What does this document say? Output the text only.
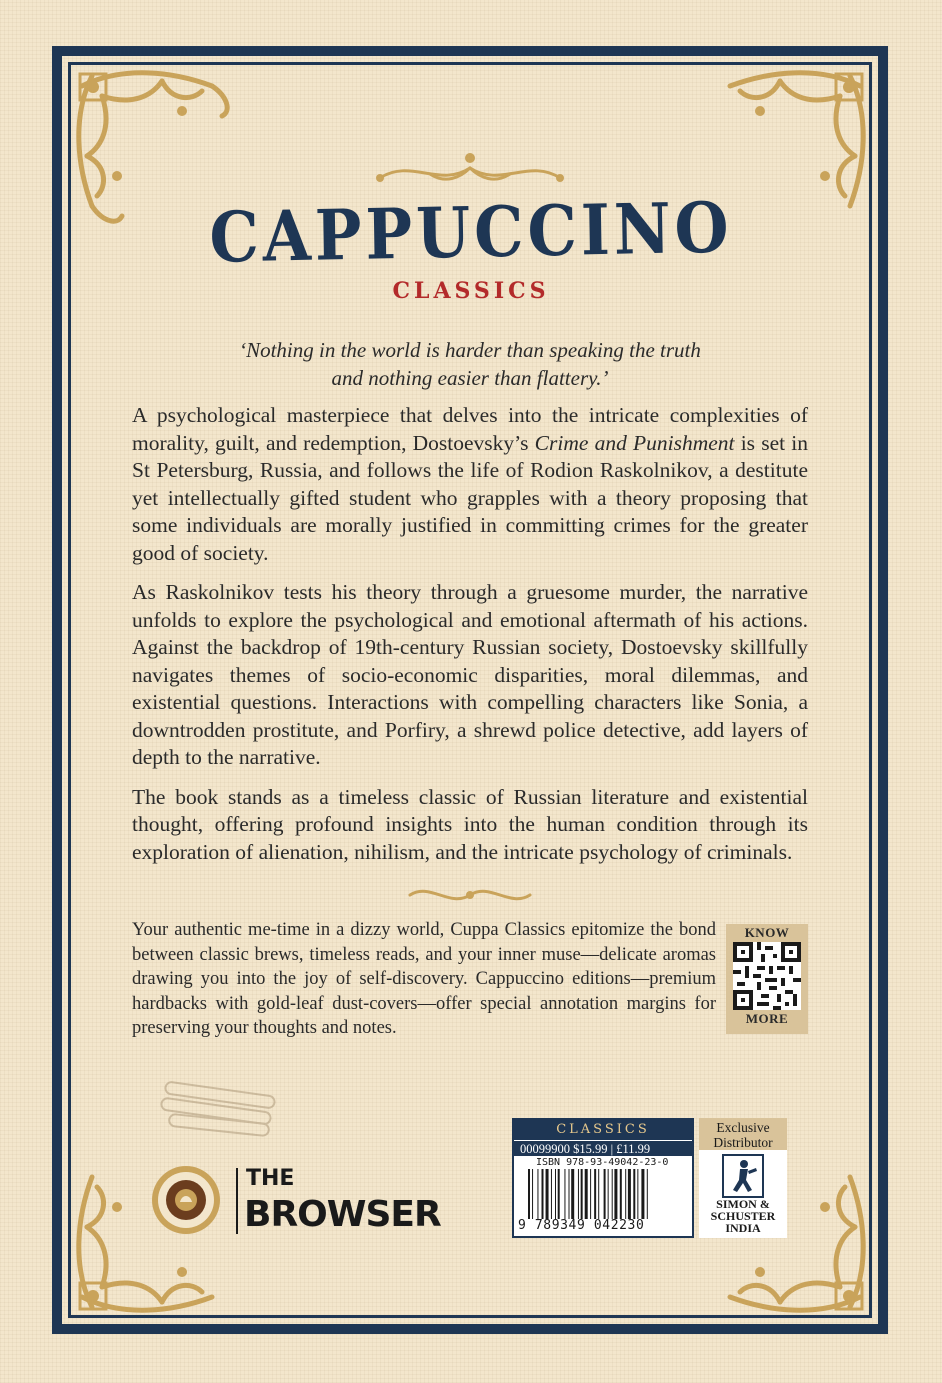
CAPPUCCINO
CLASSICS
‘Nothing in the world is harder than speaking the truth
and nothing easier than flattery.’

A psychological masterpiece that delves into the intricate complexities of morality, guilt, and redemption, Dostoevsky’s Crime and Punishment is set in St Petersburg, Russia, and follows the life of Rodion Raskolnikov, a destitute yet intellectually gifted student who grapples with a theory proposing that some individuals are morally justified in committing crimes for the greater good of society.

As Raskolnikov tests his theory through a gruesome murder, the narrative unfolds to explore the psychological and emotional aftermath of his actions. Against the backdrop of 19th-century Russian society, Dostoevsky skillfully navigates themes of socio-economic disparities, moral dilemmas, and existential questions. Interactions with compelling characters like Sonia, a downtrodden prostitute, and Porfiry, a shrewd police detective, add layers of depth to the narrative.

The book stands as a timeless classic of Russian literature and existential thought, offering profound insights into the human condition through its exploration of alienation, nihilism, and the intricate psychology of criminals.

Your authentic me-time in a dizzy world, Cuppa Classics epitomize the bond between classic brews, timeless reads, and your inner muse—delicate aromas drawing you into the joy of self-discovery. Cappuccino editions—premium hardbacks with gold-leaf dust-covers—offer special annotation margins for preserving your thoughts and notes.
KNOW
MORE
THE
BROWSER
CLASSICS
00099900 $15.99 | £11.99
ISBN 978-93-49042-23-0
9 789349 042230
Exclusive
Distributor
SIMON &
SCHUSTER
INDIA
